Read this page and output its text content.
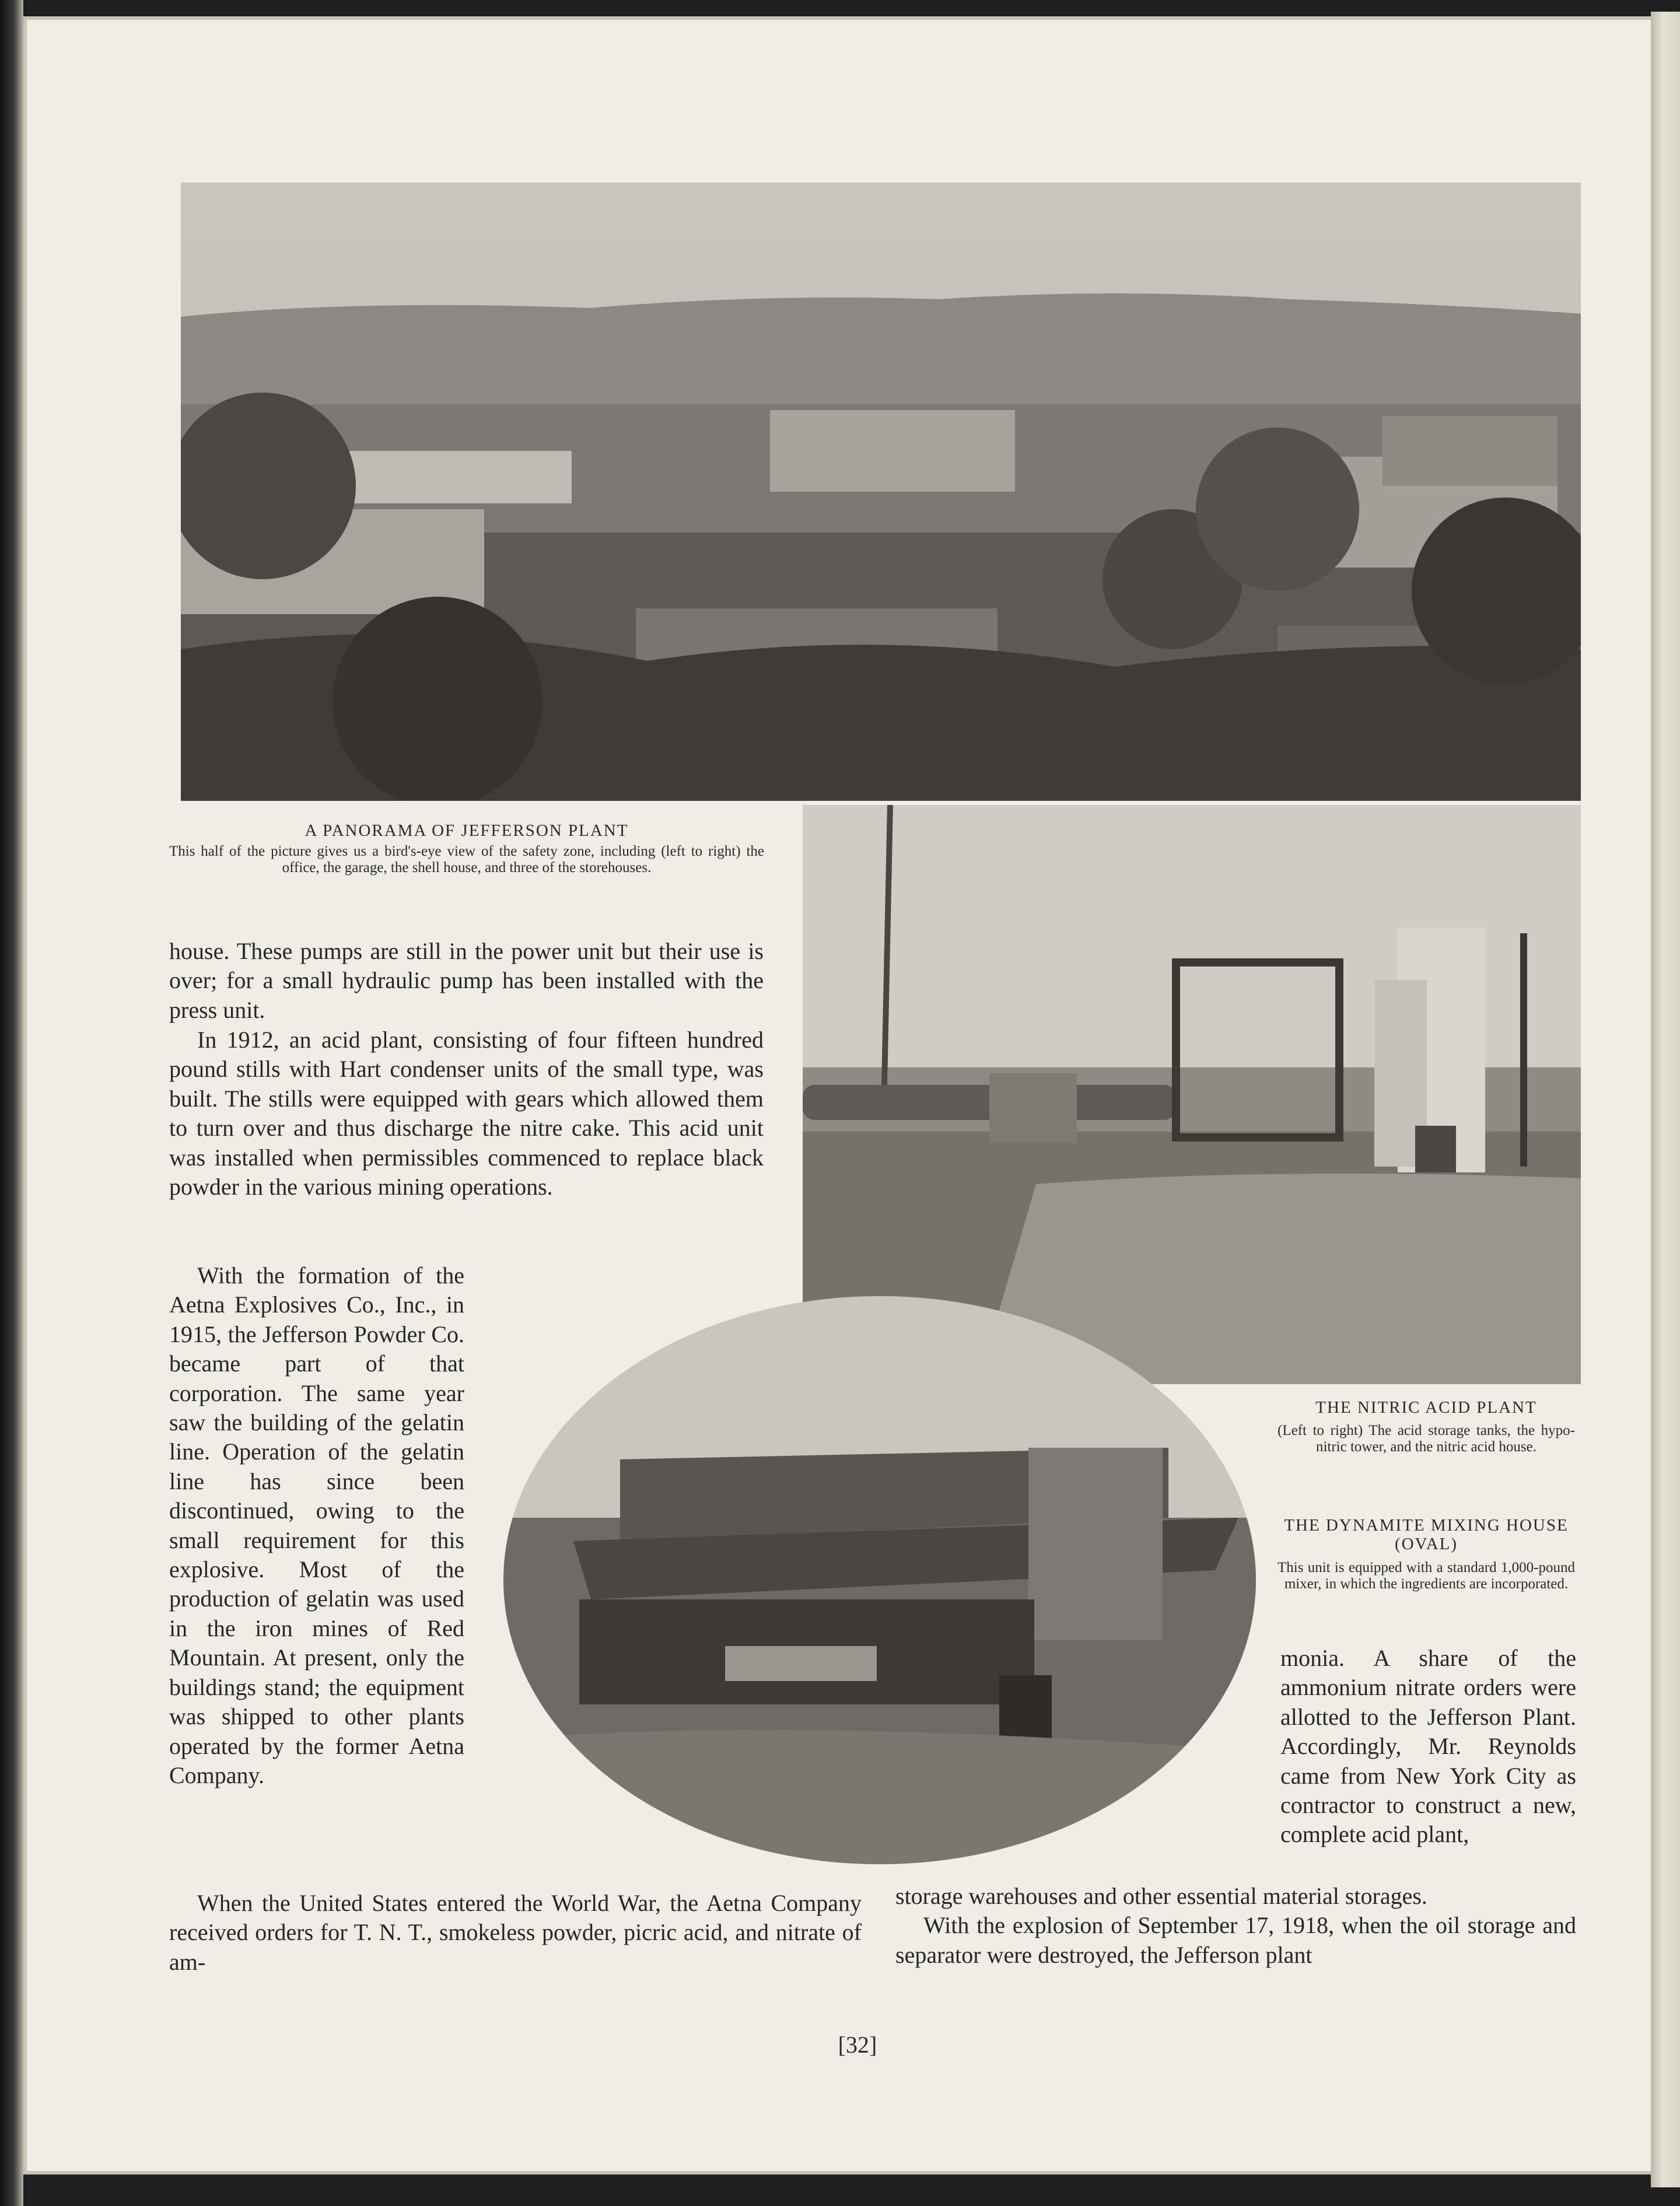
A PANORAMA OF JEFFERSON PLANT
This half of the picture gives us a bird's-eye view of the safety zone, including (left to right) the office, the garage, the shell house, and three of the storehouses.
THE NITRIC ACID PLANT
(Left to right) The acid storage tanks, the hypo-nitric tower, and the nitric acid house.
THE DYNAMITE MIXING HOUSE (OVAL)
This unit is equipped with a standard 1,000-pound mixer, in which the ingredients are incorporated.

house. These pumps are still in the power unit but their use is over; for a small hydraulic pump has been installed with the press unit.

In 1912, an acid plant, consisting of four fifteen hundred pound stills with Hart condenser units of the small type, was built. The stills were equipped with gears which allowed them to turn over and thus discharge the nitre cake. This acid unit was installed when permissibles commenced to replace black powder in the various mining operations.

With the formation of the Aetna Explosives Co., Inc., in 1915, the Jefferson Powder Co. became part of that corporation. The same year saw the building of the gelatin line. Operation of the gelatin line has since been discontinued, owing to the small requirement for this explosive. Most of the production of gelatin was used in the iron mines of Red Mountain. At present, only the buildings stand; the equipment was shipped to other plants operated by the former Aetna Company.

When the United States entered the World War, the Aetna Company received orders for T. N. T., smokeless powder, picric acid, and nitrate of am-

monia. A share of the ammonium nitrate orders were allotted to the Jefferson Plant. Accordingly, Mr. Reynolds came from New York City as contractor to construct a new, complete acid plant,

storage warehouses and other essential material storages.

With the explosion of September 17, 1918, when the oil storage and separator were destroyed, the Jefferson plant

[32]
